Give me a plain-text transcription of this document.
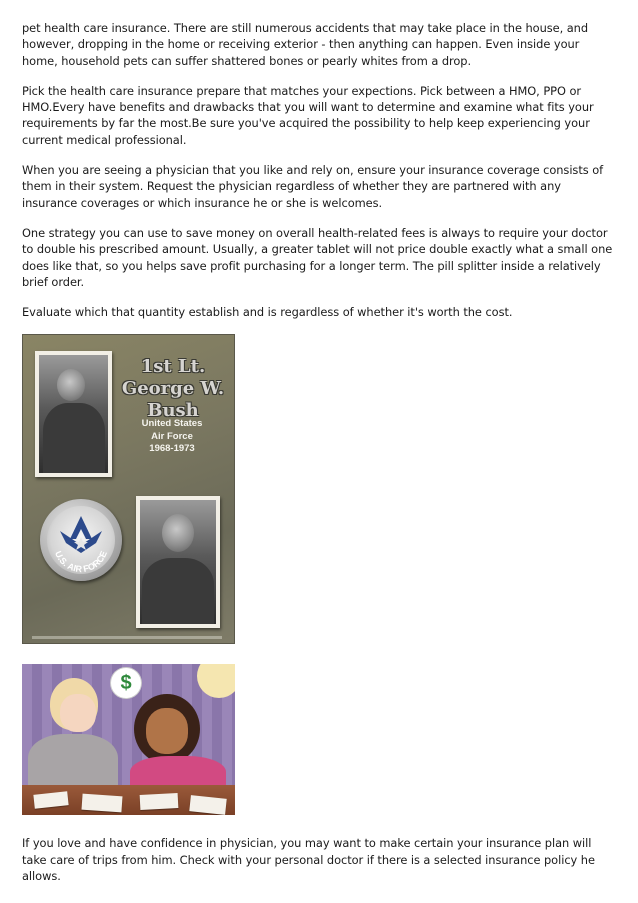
pet health care insurance. There are still numerous accidents that may take place in the house, and however, dropping in the home or receiving exterior - then anything can happen. Even inside your home, household pets can suffer shattered bones or pearly whites from a drop.

Pick the health care insurance prepare that matches your expections. Pick between a HMO, PPO or HMO.Every have benefits and drawbacks that you will want to determine and examine what fits your requirements by far the most.Be sure you've acquired the possibility to help keep experiencing your current medical professional.

When you are seeing a physician that you like and rely on, ensure your insurance coverage consists of them in their system. Request the physician regardless of whether they are partnered with any insurance coverages or which insurance he or she is welcomes.

One strategy you can use to save money on overall health-related fees is always to require your doctor to double his prescribed amount. Usually, a greater tablet will not price double exactly what a small one does like that, so you helps save profit purchasing for a longer term. The pill splitter inside a relatively brief order.

Evaluate which that quantity establish and is regardless of whether it's worth the cost.

1st Lt.
George W. Bush
United States
Air Force
1968-1973
U.S. AIR FORCE
$

If you love and have confidence in physician, you may want to make certain your insurance plan will take care of trips from him. Check with your personal doctor if there is a selected insurance policy he allows.
